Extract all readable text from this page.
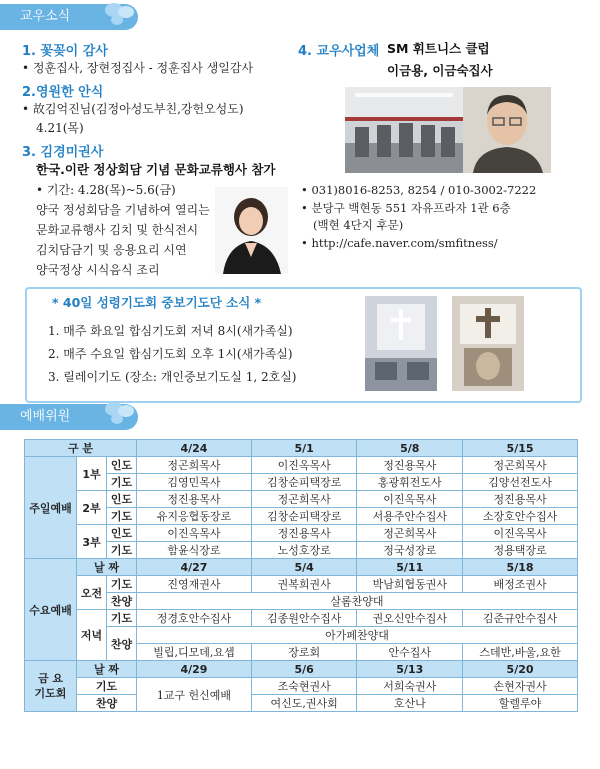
교우소식
1. 꽃꽂이 감사
• 정훈집사, 장현정집사 - 정훈집사 생일감사
2.영원한 안식
• 故김억진님(김정아성도부친,강헌오성도)
4.21(목)
3. 김경미권사
한국.이란 정상회담 기념 문화교류행사 참가
• 기간: 4.28(목)~5.6(금)
양국 정성회담을 기념하여 열리는
문화교류행사 김치 및 한식전시
김치담금기 및 응용요리 시연
양국정상 시식음식 조리
4. 교우사업체 SM 휘트니스 클럽
이금용, 이금숙집사
• 031)8016-8253, 8254 / 010-3002-7222
• 분당구 백현동 551 자유프라자 1관 6층
(백현 4단지 후문)
• http://cafe.naver.com/smfitness/
* 40일 성령기도회 중보기도단 소식 *
1. 매주 화요일 합심기도회 저녁 8시(새가족실)
2. 매주 수요일 합심기도회 오후 1시(새가족실)
3. 릴레이기도 (장소: 개인중보기도실 1, 2호실)
예배위원
구 분			4/24	5/1	5/8	5/15
주일예배	1부	인도	정곤희목사	이진옥목사	정진용목사	정곤희목사
		기도	김영민목사	김창순피택장로	홍광휘전도사	김양선전도사
	2부	인도	정진용목사	정곤희목사	이진옥목사	정진용목사
		기도	유지응협동장로	김창순피택장로	서용주안수집사	소장호안수집사
	3부	인도	이진옥목사	정진용목사	정곤희목사	이진옥목사
		기도	함윤식장로	노성호장로	정국성장로	정용택장로
수요예배	날 짜		4/27	5/4	5/11	5/18
	오전	기도	진영재권사	권복희권사	박남희협동권사	배정조권사
		찬양	살롬찬양대			
	저녁	기도	정경호안수집사	김종원안수집사	권오신안수집사	김준규안수집사
		찬양	아가페찬양대			
			빌립,디모데,요셉	장로회	안수집사	스데반,바울,요한
금 요
기도회	날 짜		4/29	5/6	5/13	5/20
	기도		1교구 헌신예배	조숙현권사	서희숙권사	손현자권사
	찬양			여신도,권사회	호산나	할렐루야
